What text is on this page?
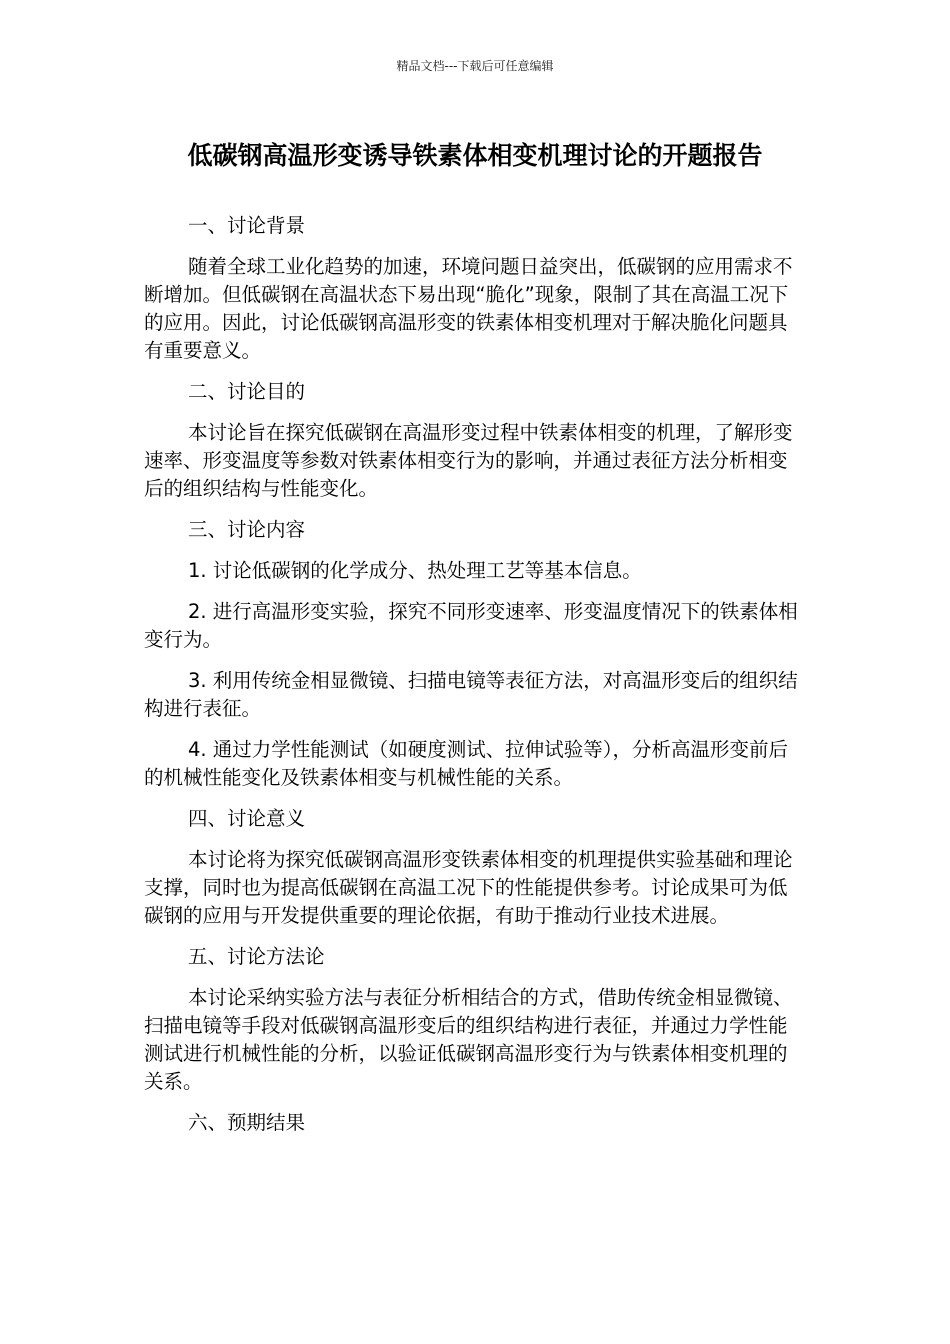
精品文档---下载后可任意编辑
低碳钢高温形变诱导铁素体相变机理讨论的开题报告

一、讨论背景

随着全球工业化趋势的加速，环境问题日益突出，低碳钢的应用需求不断增加。但低碳钢在高温状态下易出现“脆化”现象，限制了其在高温工况下的应用。因此，讨论低碳钢高温形变的铁素体相变机理对于解决脆化问题具有重要意义。

二、讨论目的

本讨论旨在探究低碳钢在高温形变过程中铁素体相变的机理，了解形变速率、形变温度等参数对铁素体相变行为的影响，并通过表征方法分析相变后的组织结构与性能变化。

三、讨论内容

1. 讨论低碳钢的化学成分、热处理工艺等基本信息。

2. 进行高温形变实验，探究不同形变速率、形变温度情况下的铁素体相变行为。

3. 利用传统金相显微镜、扫描电镜等表征方法，对高温形变后的组织结构进行表征。

4. 通过力学性能测试（如硬度测试、拉伸试验等），分析高温形变前后的机械性能变化及铁素体相变与机械性能的关系。

四、讨论意义

本讨论将为探究低碳钢高温形变铁素体相变的机理提供实验基础和理论支撑，同时也为提高低碳钢在高温工况下的性能提供参考。讨论成果可为低碳钢的应用与开发提供重要的理论依据，有助于推动行业技术进展。

五、讨论方法论

本讨论采纳实验方法与表征分析相结合的方式，借助传统金相显微镜、扫描电镜等手段对低碳钢高温形变后的组织结构进行表征，并通过力学性能测试进行机械性能的分析，以验证低碳钢高温形变行为与铁素体相变机理的关系。

六、预期结果
